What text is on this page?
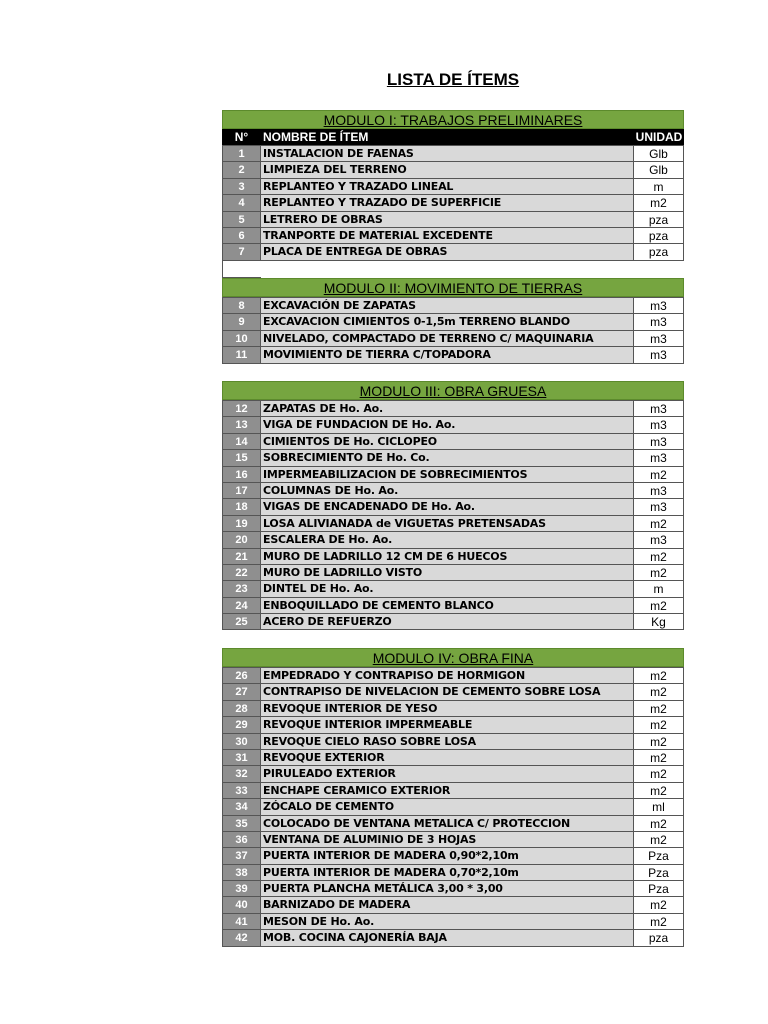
LISTA DE ÍTEMS
MODULO I: TRABAJOS PRELIMINARES
N°	NOMBRE DE ÍTEM	UNIDAD
1	INSTALACION DE FAENAS	Glb
2	LIMPIEZA DEL TERRENO	Glb
3	REPLANTEO Y TRAZADO LINEAL	m
4	REPLANTEO Y TRAZADO DE SUPERFICIE	m2
5	LETRERO DE OBRAS	pza
6	TRANPORTE DE MATERIAL EXCEDENTE	pza
7	PLACA DE ENTREGA DE OBRAS	pza
MODULO II: MOVIMIENTO DE TIERRAS
8	EXCAVACIÓN DE ZAPATAS	m3
9	EXCAVACION CIMIENTOS 0-1,5m TERRENO BLANDO	m3
10	NIVELADO, COMPACTADO DE TERRENO C/ MAQUINARIA	m3
11	MOVIMIENTO DE TIERRA C/TOPADORA	m3
MODULO III: OBRA GRUESA
12	ZAPATAS DE Ho. Ao.	m3
13	VIGA DE FUNDACION DE Ho. Ao.	m3
14	CIMIENTOS DE Ho. CICLOPEO	m3
15	SOBRECIMIENTO DE Ho. Co.	m3
16	IMPERMEABILIZACION DE SOBRECIMIENTOS	m2
17	COLUMNAS DE Ho. Ao.	m3
18	VIGAS DE ENCADENADO DE Ho. Ao.	m3
19	LOSA ALIVIANADA de VIGUETAS PRETENSADAS	m2
20	ESCALERA DE Ho. Ao.	m3
21	MURO DE LADRILLO 12 CM DE 6 HUECOS	m2
22	MURO DE LADRILLO VISTO	m2
23	DINTEL DE Ho. Ao.	m
24	ENBOQUILLADO DE CEMENTO BLANCO	m2
25	ACERO DE REFUERZO	Kg
MODULO IV: OBRA FINA
26	EMPEDRADO Y CONTRAPISO DE HORMIGON	m2
27	CONTRAPISO DE NIVELACION DE CEMENTO SOBRE LOSA	m2
28	REVOQUE INTERIOR DE YESO	m2
29	REVOQUE INTERIOR IMPERMEABLE	m2
30	REVOQUE CIELO RASO SOBRE LOSA	m2
31	REVOQUE EXTERIOR	m2
32	PIRULEADO EXTERIOR	m2
33	ENCHAPE CERAMICO EXTERIOR	m2
34	ZÓCALO DE CEMENTO	ml
35	COLOCADO DE VENTANA METALICA C/ PROTECCION	m2
36	VENTANA DE ALUMINIO DE 3 HOJAS	m2
37	PUERTA INTERIOR DE MADERA 0,90*2,10m	Pza
38	PUERTA INTERIOR DE MADERA 0,70*2,10m	Pza
39	PUERTA PLANCHA METÁLICA 3,00 * 3,00	Pza
40	BARNIZADO DE MADERA	m2
41	MESON DE Ho. Ao.	m2
42	MOB. COCINA CAJONERÍA BAJA	pza
